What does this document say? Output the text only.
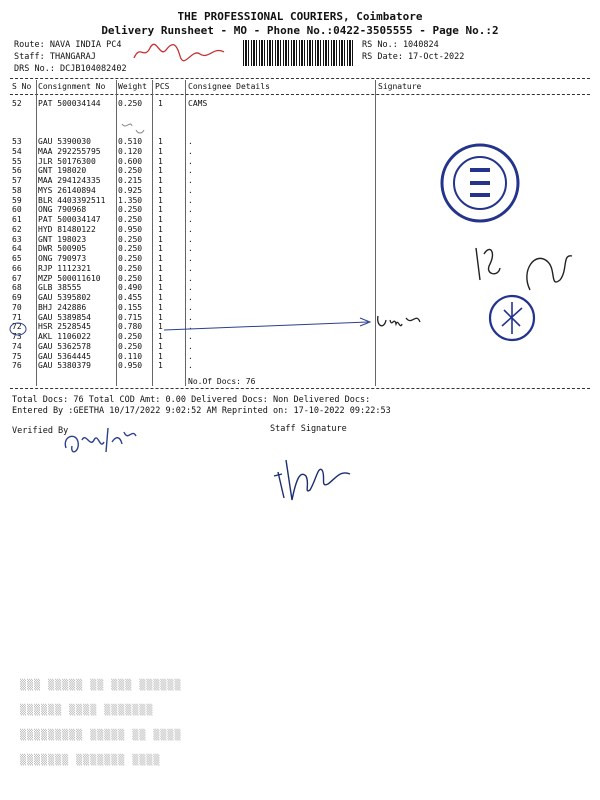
THE PROFESSIONAL COURIERS, Coimbatore
Delivery Runsheet - MO - Phone No.:0422-3505555 - Page No.:2
Route: NAVA INDIA PC4
Staff: THANGARAJ
DRS No.: DCJB104082402
RS No.: 1040824
RS Date: 17-Oct-2022
S No Consignment No Weight PCS Consignee Details	Signature
52 PAT 500034144 0.250 1	CAMS
53 GAU 5390030	0.510 1	.
54 MAA 292255795 0.120 1	.
55 JLR 50176300	0.600 1	.
56 GNT 198020	0.250 1	.
57 MAA 294124335 0.215 1	.
58 MYS 26140894	0.925 1	.
59 BLR 4403392511 1.350 1	.
60 ONG 790968	0.250 1	.
61 PAT 500034147 0.250 1	.
62 HYD 81480122	0.950 1	.
63 GNT 198023	0.250 1	.
64 DWR 500905	0.250 1	.
65 ONG 790973	0.250 1	.
66 RJP 1112321	0.250 1	.
67 MZP 500011610 0.250 1	.
68 GLB 38555	0.490 1	.
69 GAU 5395802	0.455 1	.
70 BHJ 242886	0.155 1	.
71 GAU 5389854	0.715 1	.
72 HSR 2528545	0.780 1	.
73 AKL 1106022	0.250 1	.
74 GAU 5362578	0.250 1	.
75 GAU 5364445	0.110 1	.
76 GAU 5380379	0.950 1	.
No.Of Docs: 76
Total Docs: 76 Total COD Amt: 0.00 Delivered Docs: Non Delivered Docs:
Entered By :GEETHA 10/17/2022 9:02:52 AM Reprinted on: 17-10-2022 09:22:53
Verified By	Staff Signature
▒▒▒ ▒▒▒▒▒ ▒▒ ▒▒▒ ▒▒▒▒▒▒
▒▒▒▒▒▒ ▒▒▒▒ ▒▒▒▒▒▒▒
▒▒▒▒▒▒▒▒▒ ▒▒▒▒▒ ▒▒ ▒▒▒▒
▒▒▒▒▒▒▒ ▒▒▒▒▒▒▒ ▒▒▒▒
